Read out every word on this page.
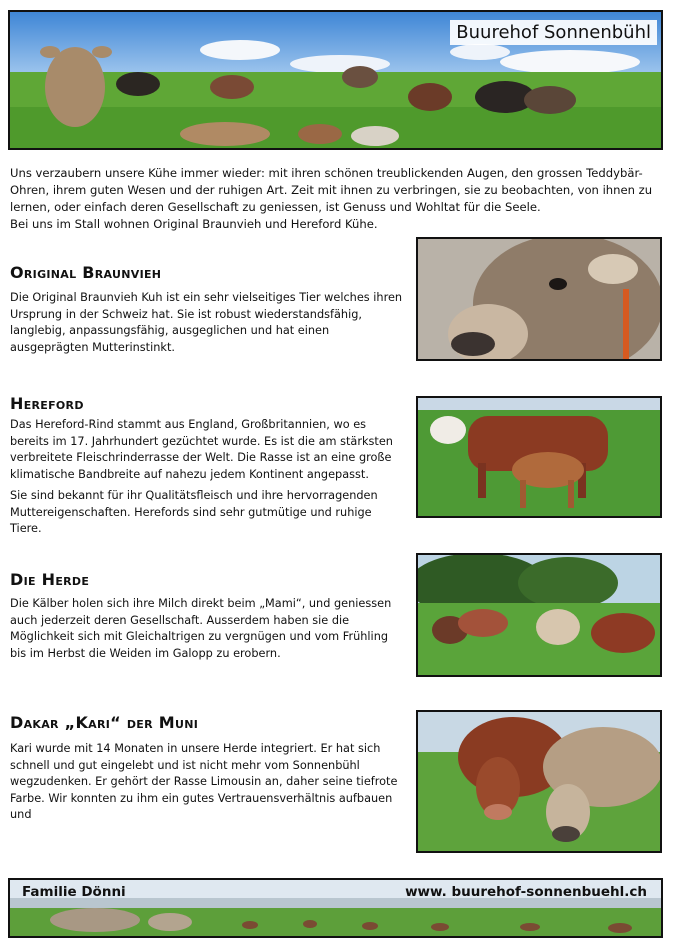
Buurehof Sonnenbühl

Uns verzaubern unsere Kühe immer wieder: mit ihren schönen treublickenden Augen, den grossen Teddybär-Ohren, ihrem guten Wesen und der ruhigen Art. Zeit mit ihnen zu verbringen, sie zu beobachten, von ihnen zu lernen, oder einfach deren Gesellschaft zu geniessen, ist Genuss und Wohltat für die Seele.

Bei uns im Stall wohnen Original Braunvieh und Hereford Kühe.

Original Braunvieh

Die Original Braunvieh Kuh ist ein sehr vielseitiges Tier welches ihren Ursprung in der Schweiz hat. Sie ist robust wiederstandsfähig, langlebig, anpassungsfähig, ausgeglichen und hat einen ausgeprägten Mutterinstinkt.

Hereford

Das Hereford-Rind stammt aus England, Großbritannien, wo es bereits im 17. Jahrhundert gezüchtet wurde. Es ist die am stärksten verbreitete Fleischrinderrasse der Welt. Die Rasse ist an eine große klimatische Bandbreite auf nahezu jedem Kontinent angepasst.

Sie sind bekannt für ihr Qualitätsfleisch und ihre hervorragenden Muttereigenschaften. Herefords sind sehr gutmütige und ruhige Tiere.

Die Herde

Die Kälber holen sich ihre Milch direkt beim „Mami“, und geniessen auch jederzeit deren Gesellschaft. Ausserdem haben sie die Möglichkeit sich mit Gleichaltrigen zu vergnügen und vom Frühling bis im Herbst die Weiden im Galopp zu erobern.

Dakar „Kari“ der Muni

Kari wurde mit 14 Monaten in unsere Herde integriert. Er hat sich schnell und gut eingelebt und ist nicht mehr vom Sonnenbühl wegzudenken. Er gehört der Rasse Limousin an, daher seine tiefrote Farbe. Wir konnten zu ihm ein gutes Vertrauensverhältnis aufbauen und

Familie Dönni	www. buurehof-sonnenbuehl.ch
